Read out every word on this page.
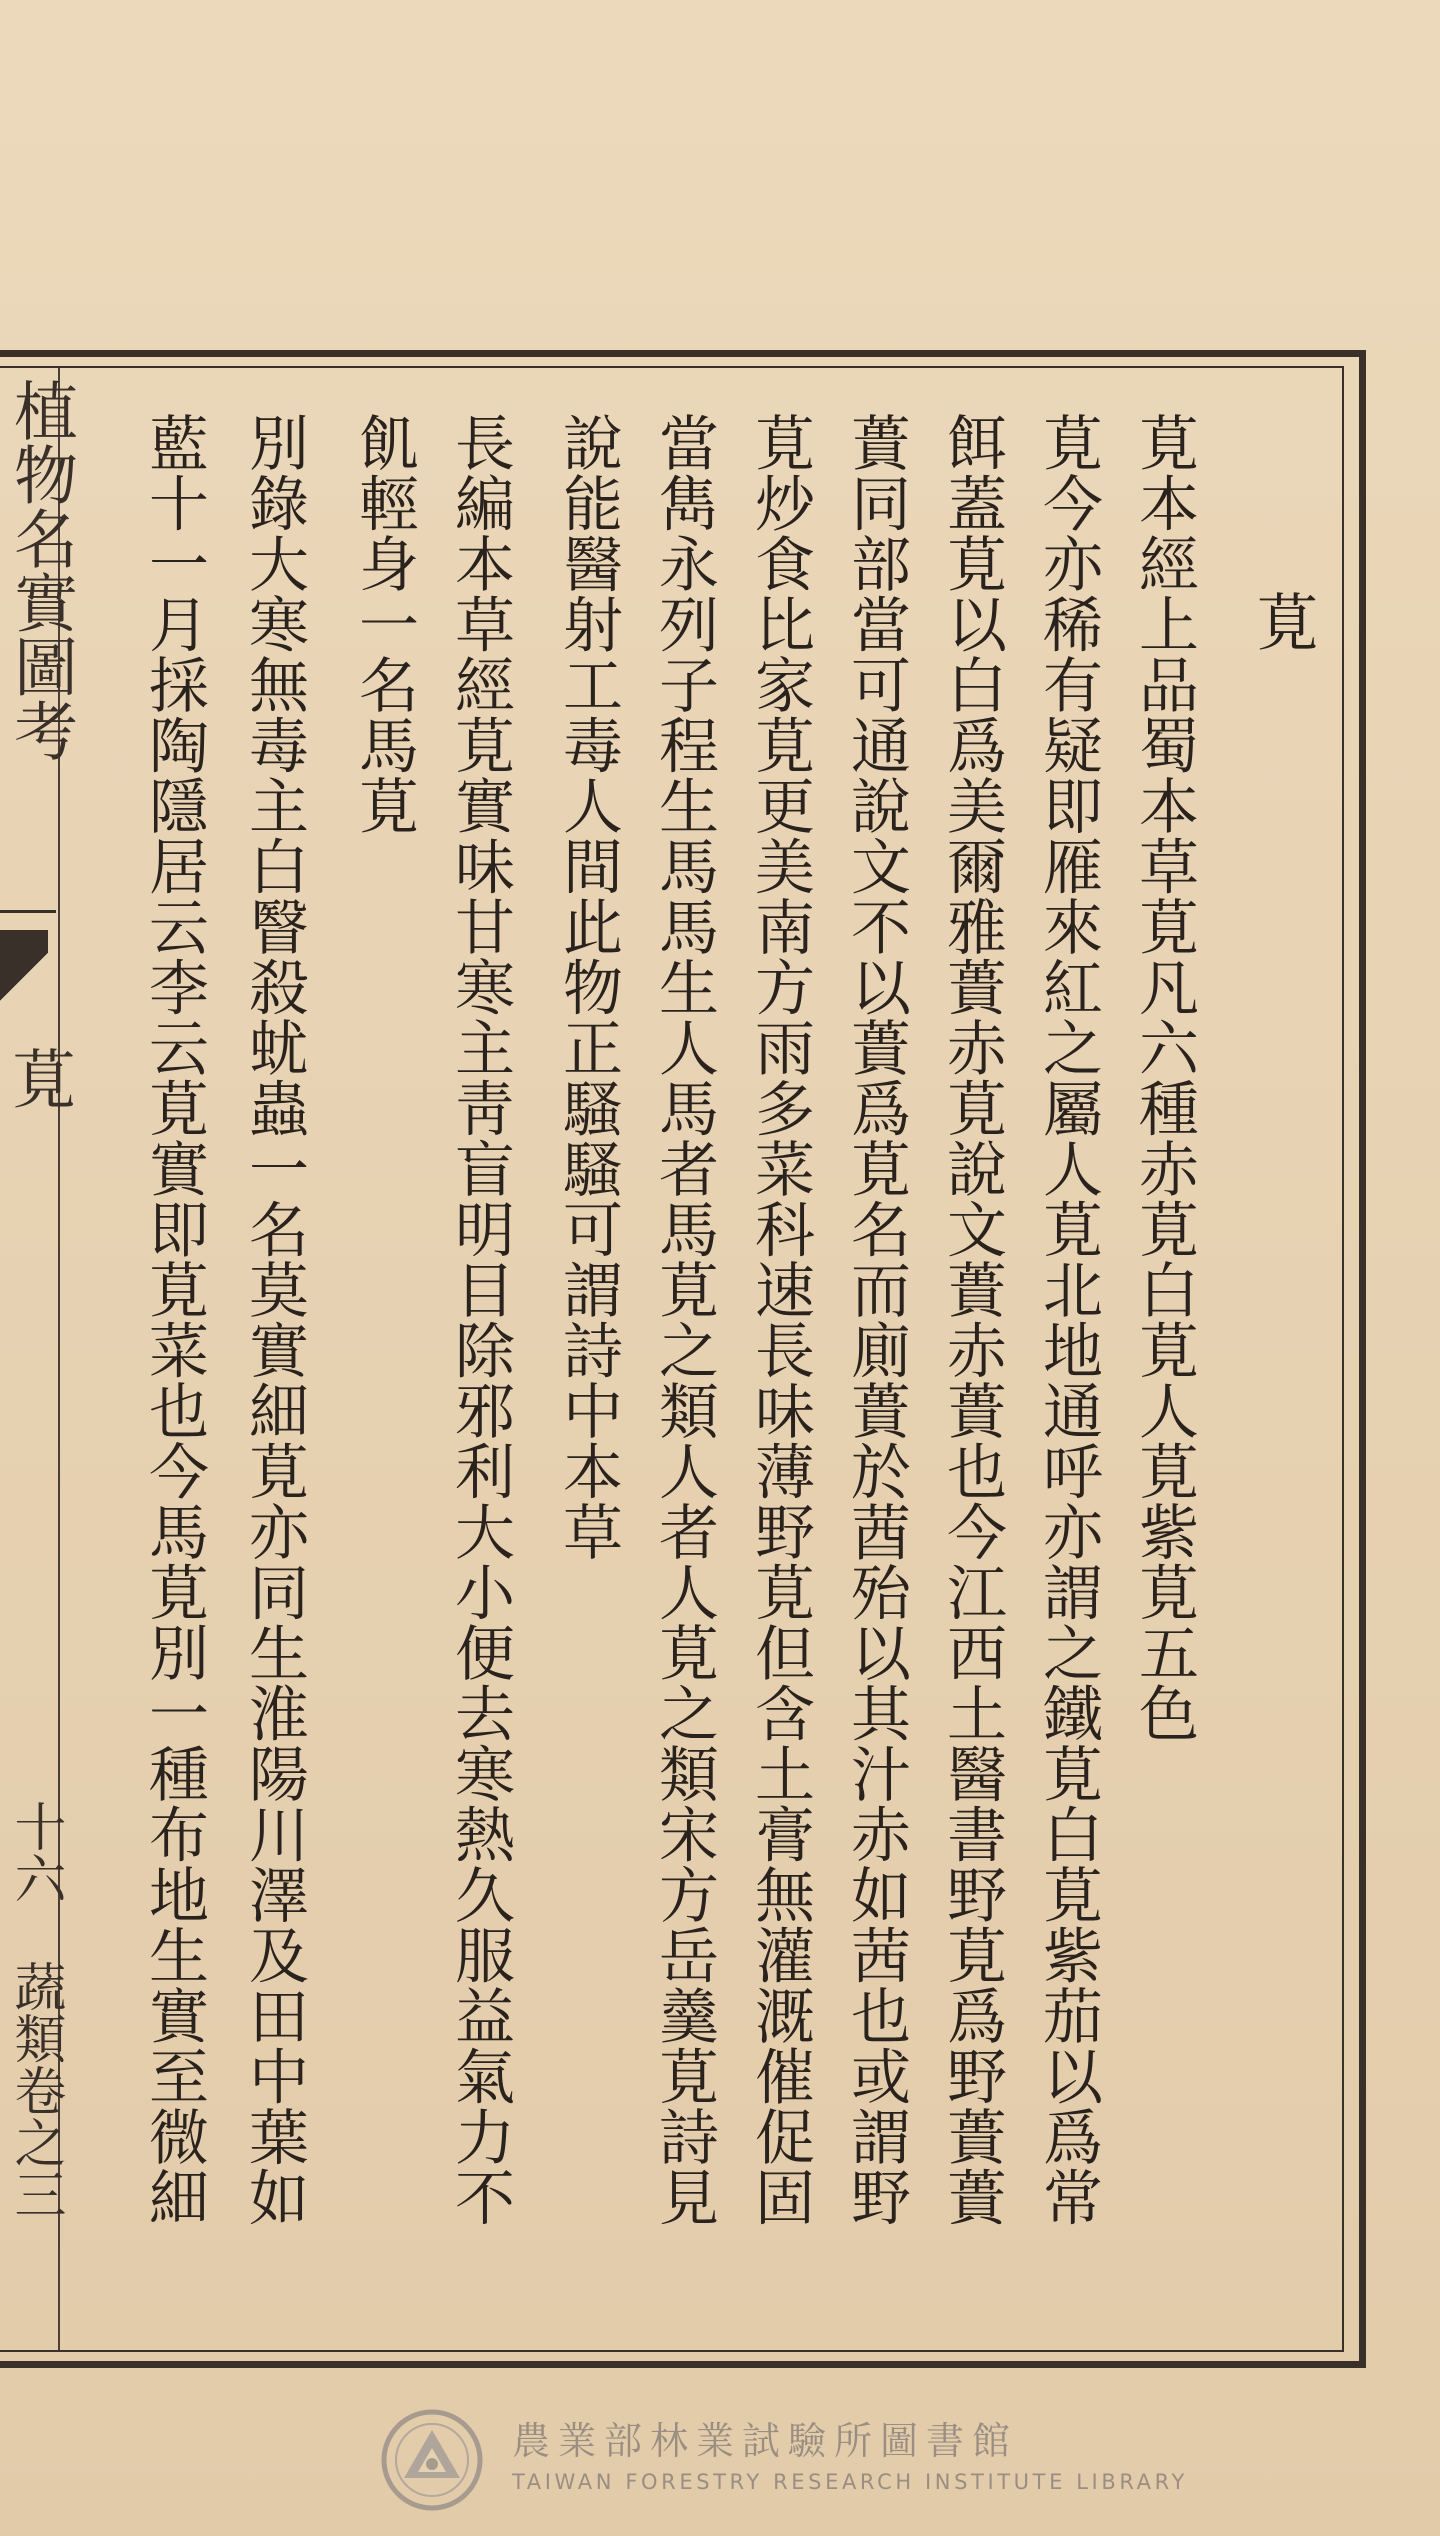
植物名實圖考
莧
十六
蔬類卷之三
莧
莧本經上品蜀本草莧凡六種赤莧白莧人莧紫莧五色
莧今亦稀有疑即雁來紅之屬人莧北地通呼亦謂之鐵莧白莧紫茄以爲常
餌蓋莧以白爲美爾雅蕢赤莧說文蕢赤蕢也今江西土醫書野莧爲野蕢蕢
蕢同部當可通說文不以蕢爲莧名而廁蕢於莤殆以其汁赤如茜也或謂野
莧炒食比家莧更美南方雨多菜科速長味薄野莧但含土膏無灌溉催促固
當雋永列子程生馬馬生人馬者馬莧之類人者人莧之類宋方岳羹莧詩見
說能醫射工毒人間此物正騷騷可謂詩中本草
長編本草經莧實味甘寒主靑盲明目除邪利大小便去寒熱久服益氣力不
飢輕身一名馬莧
別錄大寒無毒主白瞖殺蚘蟲一名莫實細莧亦同生淮陽川澤及田中葉如
藍十一月採陶隱居云李云莧實即莧菜也今馬莧別一種布地生實至微細
農業部林業試驗所圖書館
TAIWAN FORESTRY RESEARCH INSTITUTE LIBRARY
